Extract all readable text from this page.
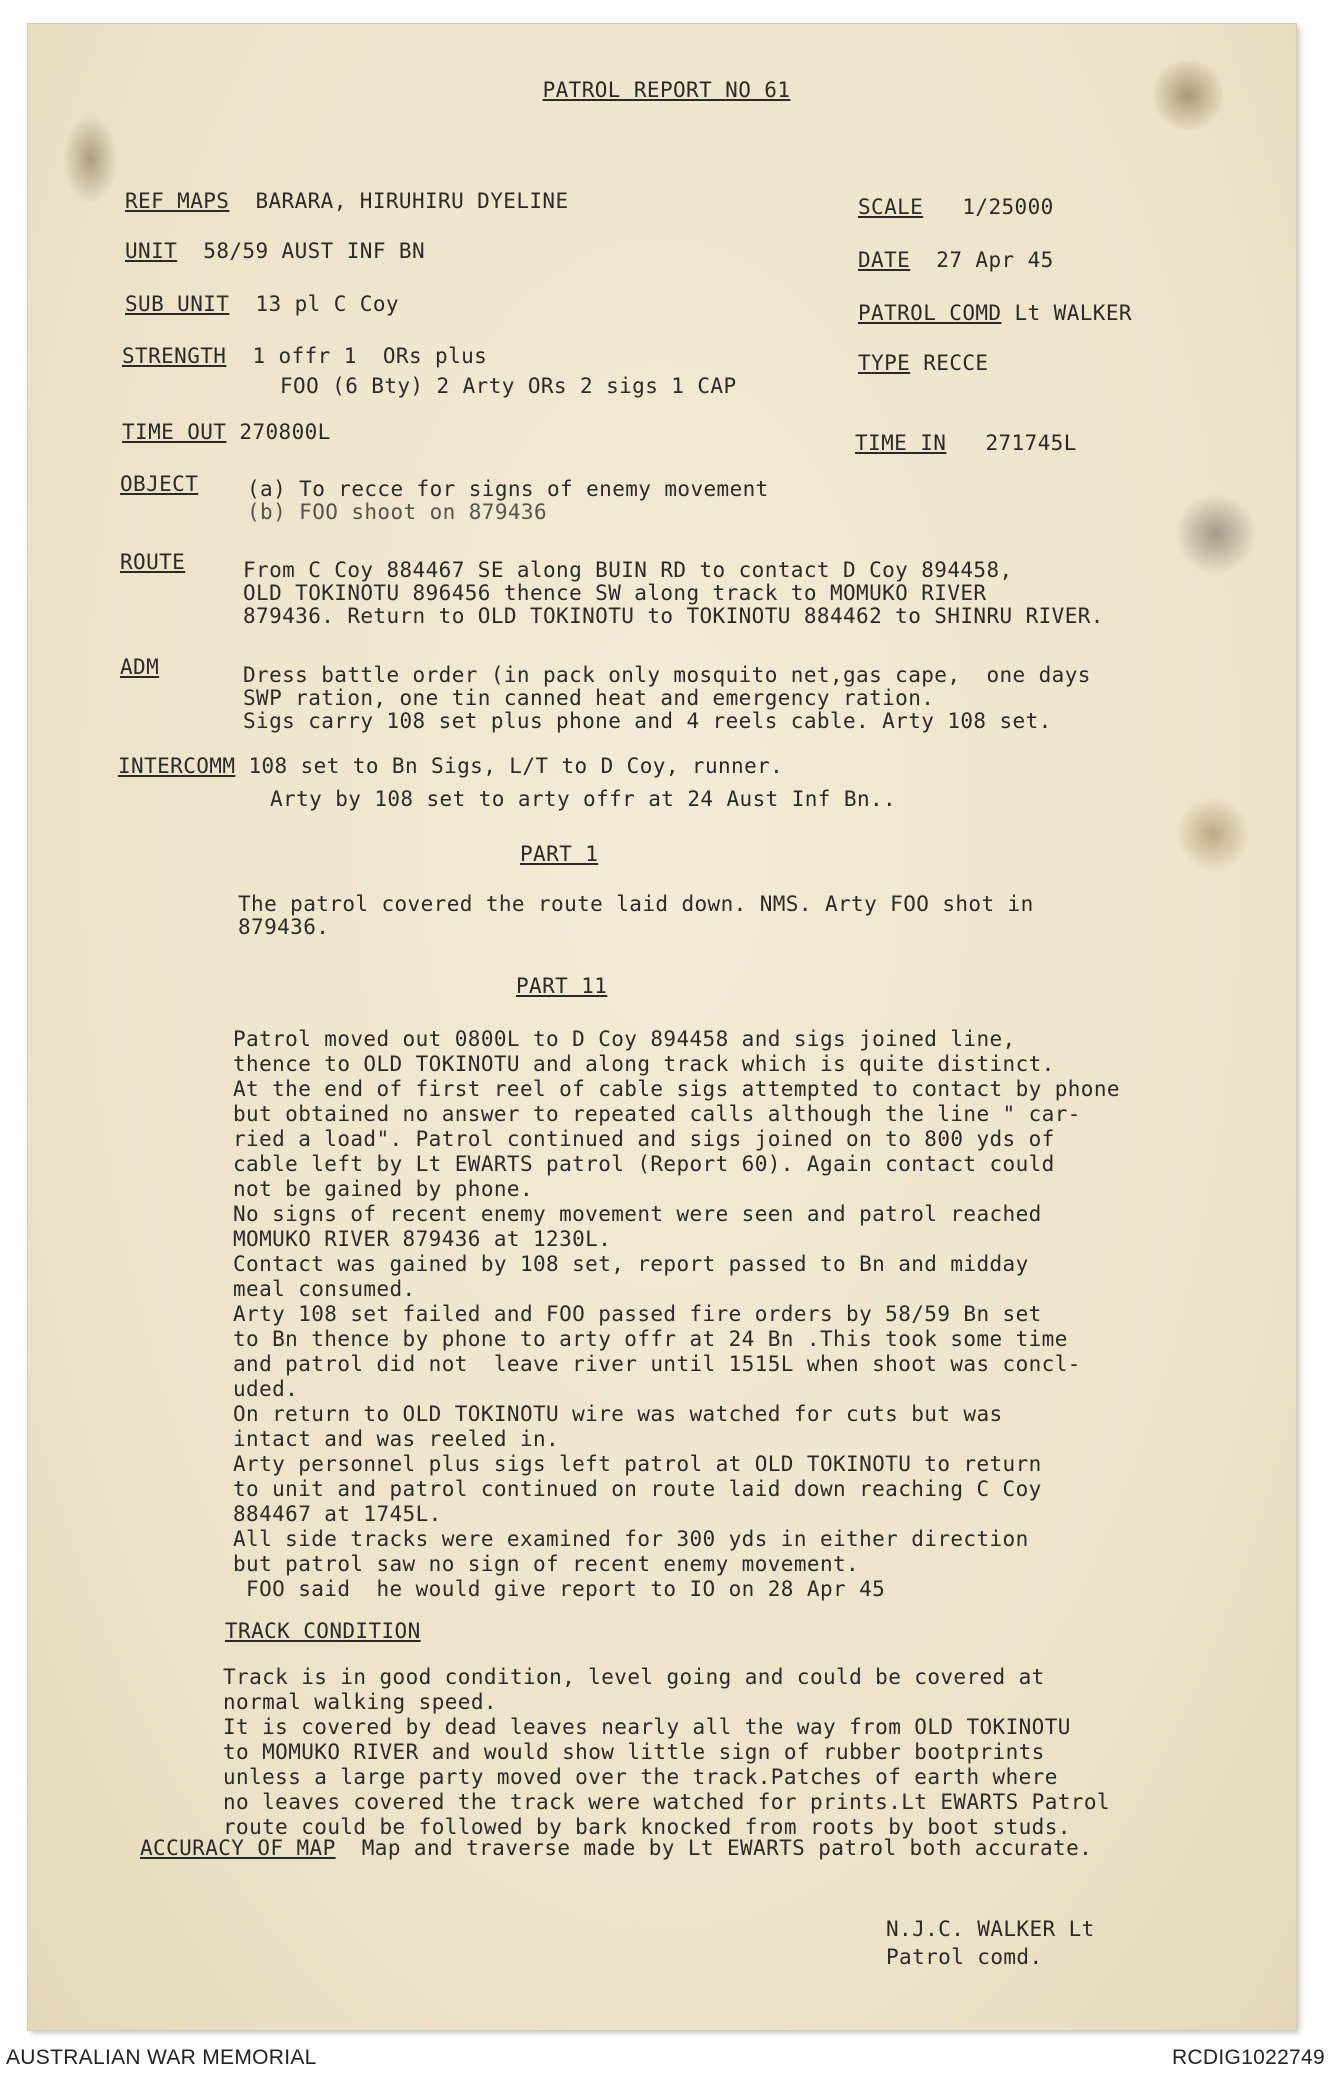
PATROL REPORT NO 61
REF MAPS BARARA, HIRUHIRU DYELINE	SCALE 1/25000
UNIT 58/59 AUST INF BN	DATE 27 Apr 45
SUB UNIT 13 pl C Coy	PATROL COMD Lt WALKER
STRENGTH 1 offr 1  ORs plus
FOO (6 Bty) 2 Arty ORs 2 sigs 1 CAP
TYPE RECCE
TIME OUT 270800L	TIME IN 271745L
OBJECT (a) To recce for signs of enemy movement
(b) FOO shoot on 879436
ROUTE	From C Coy 884467 SE along BUIN RD to contact D Coy 894458,
OLD TOKINOTU 896456 thence SW along track to MOMUKO RIVER
879436. Return to OLD TOKINOTU to TOKINOTU 884462 to SHINRU RIVER.
ADM	Dress battle order (in pack only mosquito net,gas cape,  one days
SWP ration, one tin canned heat and emergency ration.
Sigs carry 108 set plus phone and 4 reels cable. Arty 108 set.
INTERCOMM 108 set to Bn Sigs, L/T to D Coy, runner.
Arty by 108 set to arty offr at 24 Aust Inf Bn..
PART 1
The patrol covered the route laid down. NMS. Arty FOO shot in
879436.
PART 11
Patrol moved out 0800L to D Coy 894458 and sigs joined line,
thence to OLD TOKINOTU and along track which is quite distinct.
At the end of first reel of cable sigs attempted to contact by phone
but obtained no answer to repeated calls although the line " car-
ried a load". Patrol continued and sigs joined on to 800 yds of
cable left by Lt EWARTS patrol (Report 60). Again contact could
not be gained by phone.
No signs of recent enemy movement were seen and patrol reached
MOMUKO RIVER 879436 at 1230L.
Contact was gained by 108 set, report passed to Bn and midday
meal consumed.
Arty 108 set failed and FOO passed fire orders by 58/59 Bn set
to Bn thence by phone to arty offr at 24 Bn .This took some time
and patrol did not  leave river until 1515L when shoot was concl-
uded.
On return to OLD TOKINOTU wire was watched for cuts but was
intact and was reeled in.
Arty personnel plus sigs left patrol at OLD TOKINOTU to return
to unit and patrol continued on route laid down reaching C Coy
884467 at 1745L.
All side tracks were examined for 300 yds in either direction
but patrol saw no sign of recent enemy movement.
FOO said  he would give report to IO on 28 Apr 45
TRACK CONDITION
Track is in good condition, level going and could be covered at
normal walking speed.
It is covered by dead leaves nearly all the way from OLD TOKINOTU
to MOMUKO RIVER and would show little sign of rubber bootprints
unless a large party moved over the track.Patches of earth where
no leaves covered the track were watched for prints.Lt EWARTS Patrol
route could be followed by bark knocked from roots by boot studs.
ACCURACY OF MAP Map and traverse made by Lt EWARTS patrol both accurate.
N.J.C. WALKER Lt
Patrol comd.
AUSTRALIAN WAR MEMORIAL	RCDIG1022749
